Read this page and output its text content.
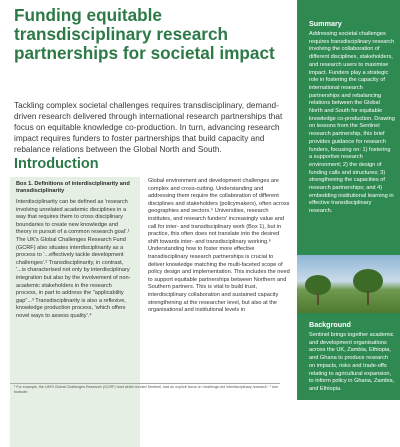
Funding equitable transdisciplinary research partnerships for societal impact

Tackling complex societal challenges requires transdisciplinary, demand-driven research delivered through international research partnerships that focus on equitable knowledge co-production. In turn, advancing research impact requires funders to foster partnerships that build capacity and rebalance relations between the Global North and South.

Introduction

Box 1. Definitions of interdisciplinarity and transdisciplinarity

Interdisciplinarity can be defined as 'research involving unrelated academic disciplines in a way that requires them to cross disciplinary boundaries to create new knowledge and theory in pursuit of a common research goal'.¹ The UK's Global Challenges Research Fund (GCRF) also situates interdisciplinarity as a process to '...effectively tackle development challenges'.² Transdisciplinarity, in contrast, '...is characterised not only by interdisciplinary integration but also by the involvement of non-academic stakeholders in the research process, in part to address the "applicability gap"...³ Transdisciplinarity is also a reflexive, knowledge production process, 'which offers novel ways to assess quality'.⁴

Global environment and development challenges are complex and cross-cutting. Understanding and addressing them require the collaboration of different disciplines and stakeholders (policymakers), often across geographies and sectors.⁵ Universities, research institutes, and research funders' increasingly value and call for inter- and transdisciplinary work (Box 1), but in practice, this often does not translate into the desired shift towards inter- and transdisciplinary working.⁶ Understanding how to foster more effective transdisciplinary research partnerships is crucial to deliver knowledge matching the multi-faceted scope of policy design and implementation. This includes the need to support equitable partnerships between Northern and Southern partners. This is vital to build trust, interdisciplinary collaboration and sustained capacity strengthening at the researcher level, but also at the organisational and institutional levels in

¹ For example, the UKRI Global Challenges Research (GCRF) fund which funded Sentinel, had an explicit focus on 'challenge-led interdisciplinary research'. ² see footnote

Summary

Addressing societal challenges requires transdisciplinary research involving the collaboration of different disciplines, stakeholders, and research users to maximise impact. Funders play a strategic role in fostering the capacity of international research partnerships and rebalancing relations between the Global North and South for equitable knowledge co-production. Drawing on lessons from the Sentinel research partnership, this brief provides guidance for research funders, focusing on: 1) fostering a supportive research environment; 2) the design of funding calls and structures; 3) strengthening the capacities of research partnerships; and 4) embedding institutional learning in effective transdisciplinary research.

Background

Sentinel brings together academic and development organisations across the UK, Zambia, Ethiopia, and Ghana to produce research on impacts, risks and trade-offs relating to agricultural expansion, to inform policy in Ghana, Zambia, and Ethiopia.
